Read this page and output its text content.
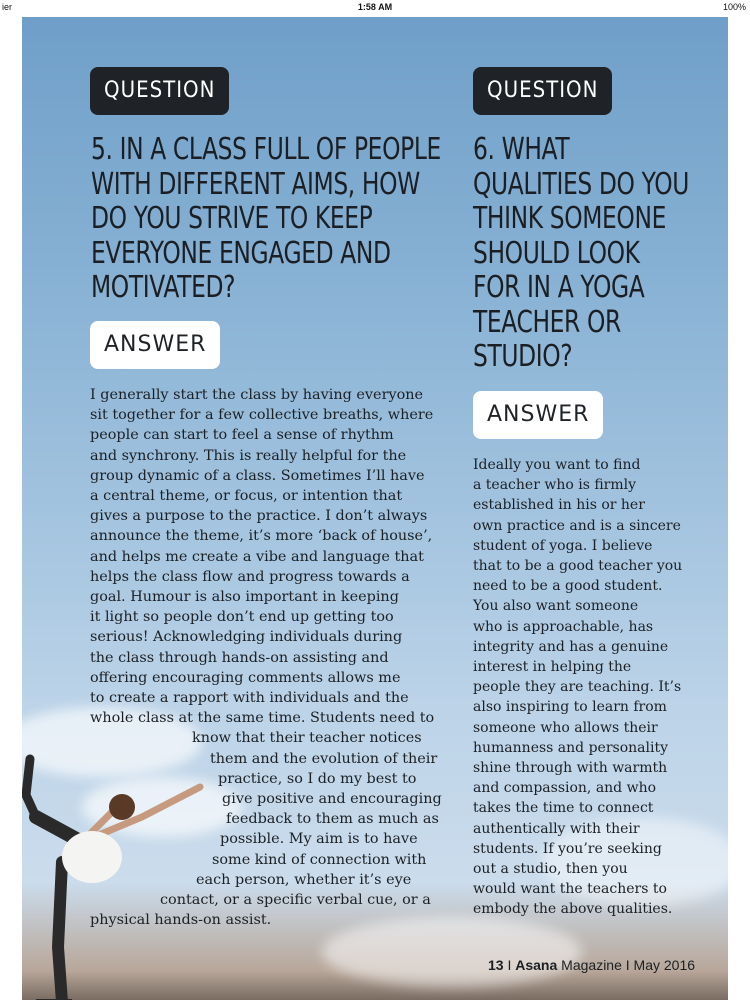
ier	1:58 AM	100%
QUESTION
5. IN A CLASS FULL OF PEOPLE
WITH DIFFERENT AIMS, HOW
DO YOU STRIVE TO KEEP
EVERYONE ENGAGED AND
MOTIVATED?
ANSWER
I generally start the class by having everyone
sit together for a few collective breaths, where
people can start to feel a sense of rhythm
and synchrony. This is really helpful for the
group dynamic of a class. Sometimes I’ll have
a central theme, or focus, or intention that
gives a purpose to the practice. I don’t always
announce the theme, it’s more ‘back of house’,
and helps me create a vibe and language that
helps the class flow and progress towards a
goal. Humour is also important in keeping
it light so people don’t end up getting too
serious! Acknowledging individuals during
the class through hands-on assisting and
offering encouraging comments allows me
to create a rapport with individuals and the
whole class at the same time. Students need to
know that their teacher notices
them and the evolution of their
practice, so I do my best to
give positive and encouraging
feedback to them as much as
possible. My aim is to have
some kind of connection with
each person, whether it’s eye
contact, or a specific verbal cue, or a
physical hands-on assist.
QUESTION
6. WHAT
QUALITIES DO YOU
THINK SOMEONE
SHOULD LOOK
FOR IN A YOGA
TEACHER OR
STUDIO?
ANSWER
Ideally you want to find
a teacher who is firmly
established in his or her
own practice and is a sincere
student of yoga. I believe
that to be a good teacher you
need to be a good student.
You also want someone
who is approachable, has
integrity and has a genuine
interest in helping the
people they are teaching. It’s
also inspiring to learn from
someone who allows their
humanness and personality
shine through with warmth
and compassion, and who
takes the time to connect
authentically with their
students. If you’re seeking
out a studio, then you
would want the teachers to
embody the above qualities.
13 I Asana Magazine I May 2016
